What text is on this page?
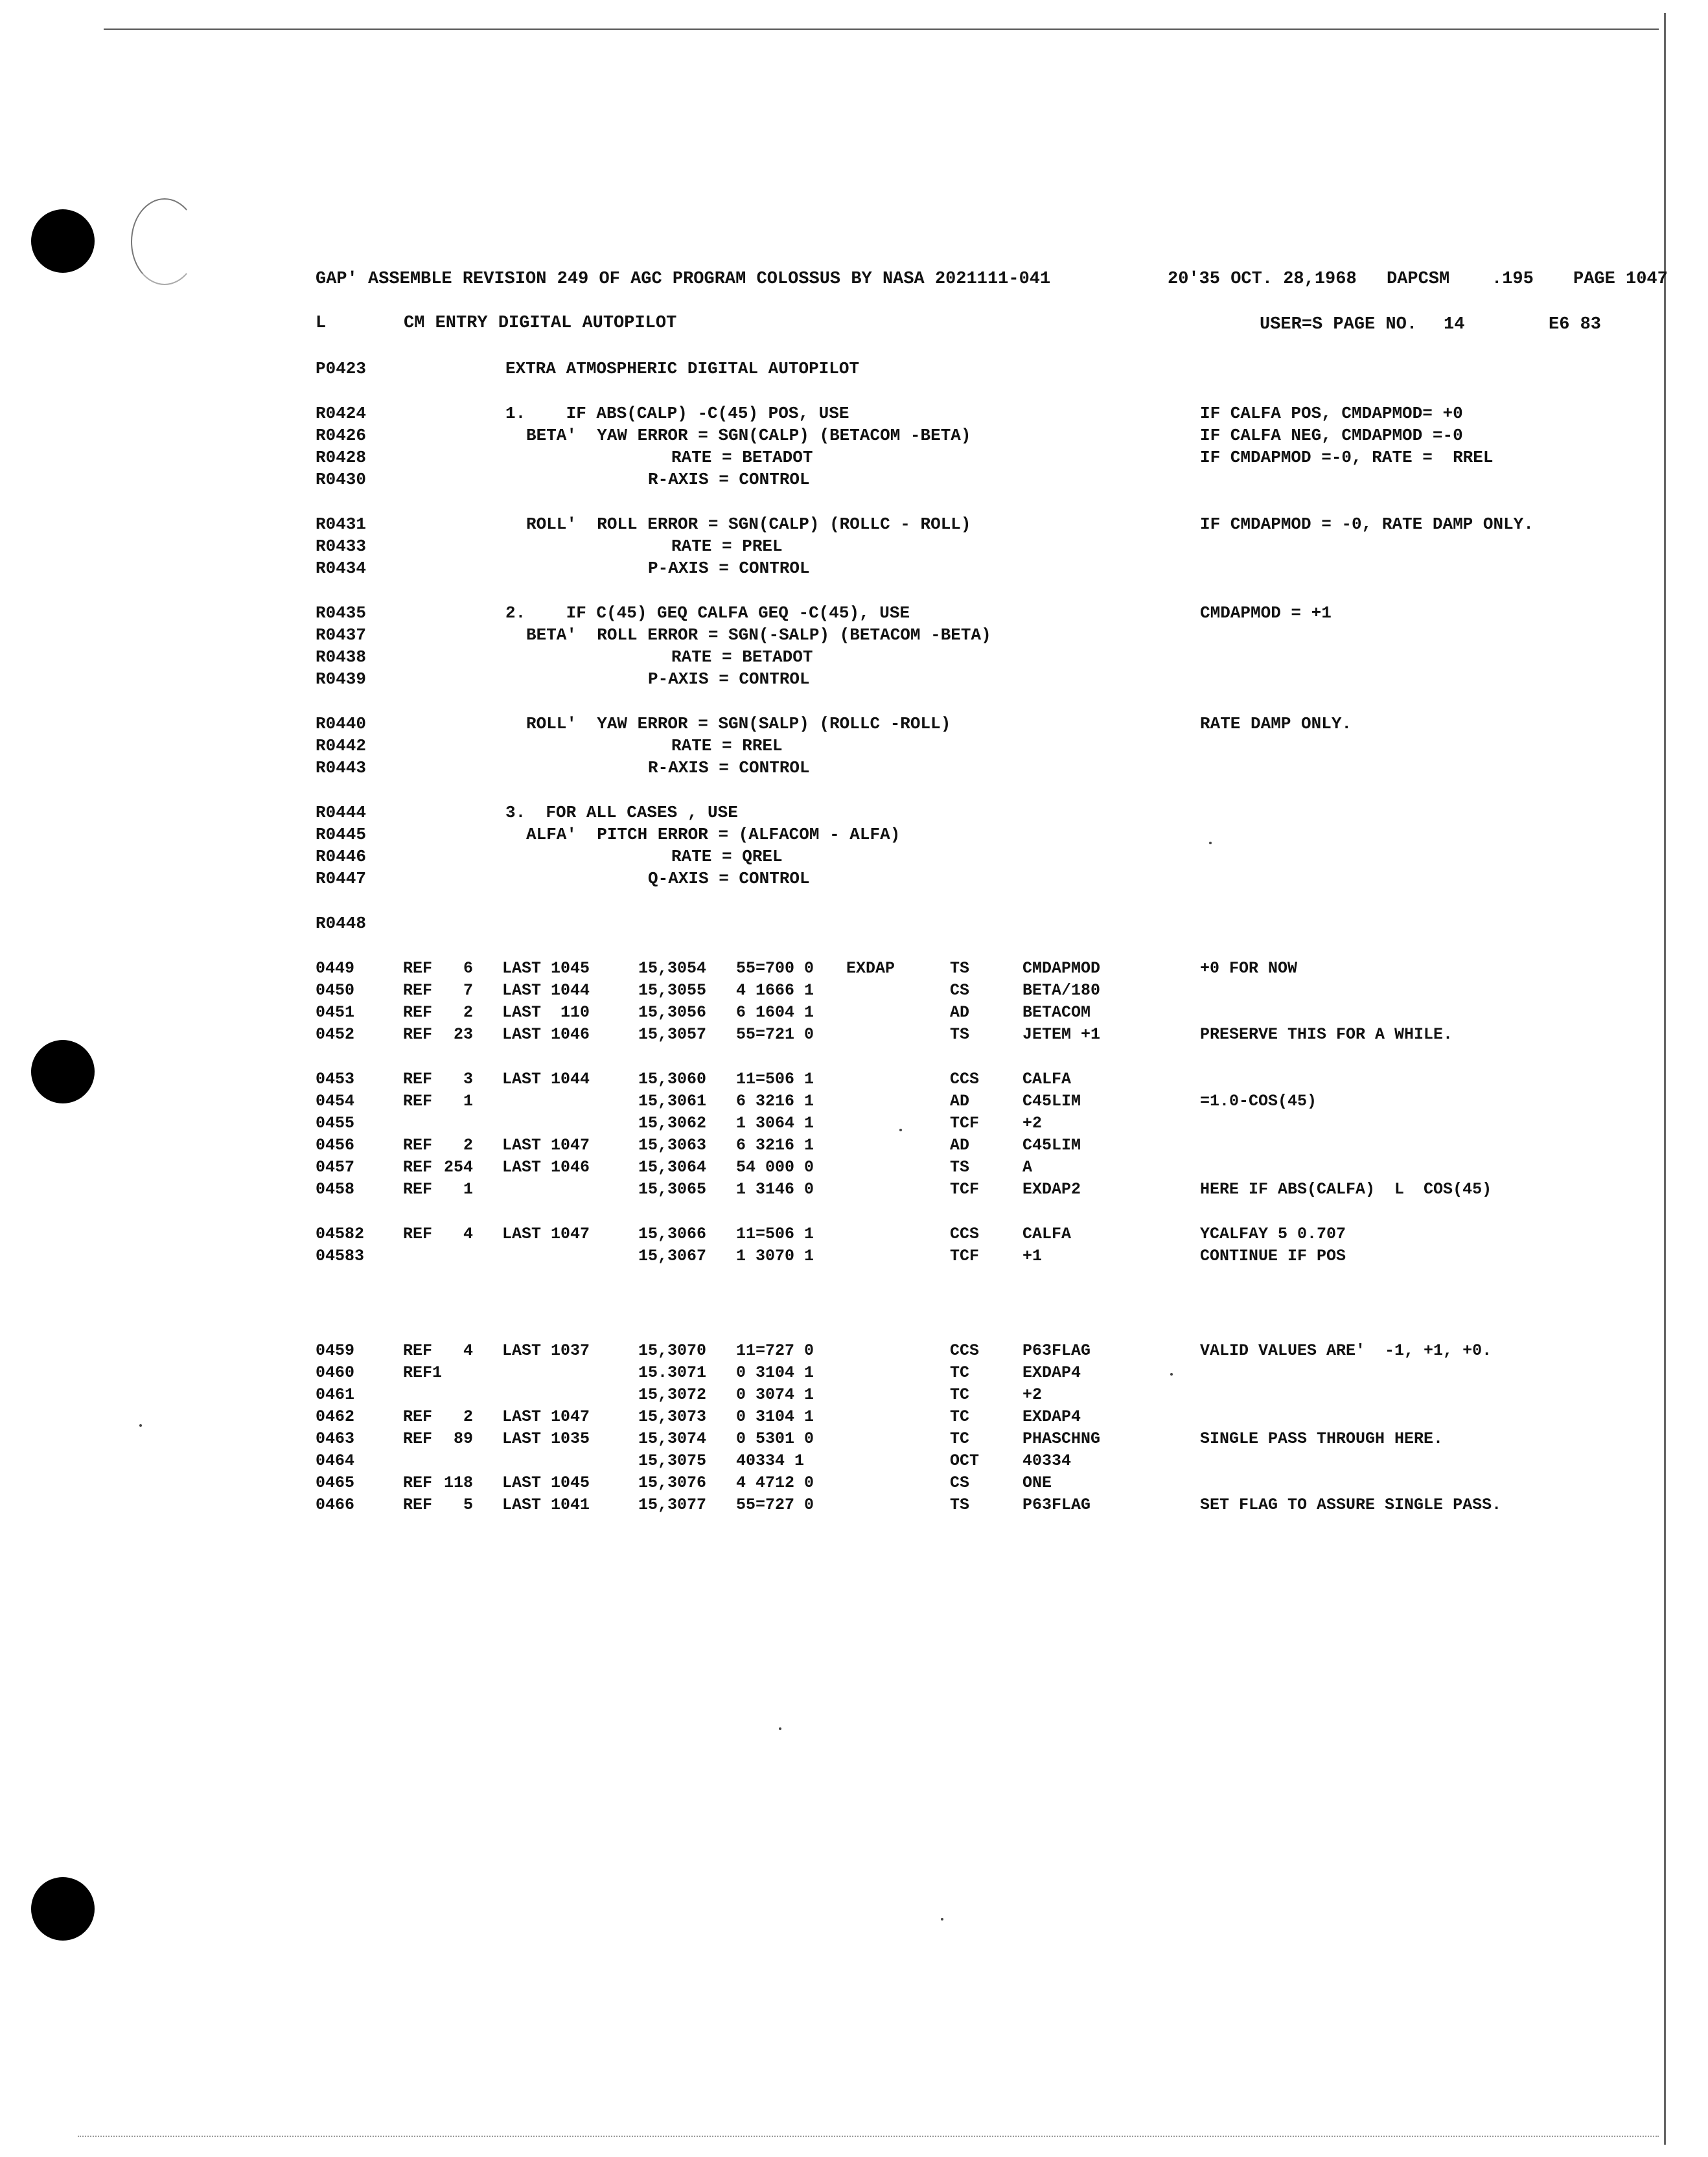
GAP' ASSEMBLE REVISION 249 OF AGC PROGRAM COLOSSUS BY NASA 2021111-041	20'35 OCT. 28,1968 DAPCSM .195 PAGE 1047
L	CM ENTRY DIGITAL AUTOPILOT	USER=S PAGE NO. 14	E6 83
P0423	EXTRA ATMOSPHERIC DIGITAL AUTOPILOT
R0424	1.    IF ABS(CALP) -C(45) POS, USE	IF CALFA POS, CMDAPMOD= +0
R0426	BETA'  YAW ERROR = SGN(CALP) (BETACOM -BETA)	IF CALFA NEG, CMDAPMOD =-0
R0428	RATE = BETADOT	IF CMDAPMOD =-0, RATE =  RREL
R0430	R-AXIS = CONTROL
R0431	ROLL'  ROLL ERROR = SGN(CALP) (ROLLC - ROLL)	IF CMDAPMOD = -0, RATE DAMP ONLY.
R0433	RATE = PREL
R0434	P-AXIS = CONTROL
R0435	2.    IF C(45) GEQ CALFA GEQ -C(45), USE	CMDAPMOD = +1
R0437	BETA'  ROLL ERROR = SGN(-SALP) (BETACOM -BETA)
R0438	RATE = BETADOT
R0439	P-AXIS = CONTROL
R0440	ROLL'  YAW ERROR = SGN(SALP) (ROLLC -ROLL)	RATE DAMP ONLY.
R0442	RATE = RREL
R0443	R-AXIS = CONTROL
R0444	3.  FOR ALL CASES , USE
R0445	ALFA'  PITCH ERROR = (ALFACOM - ALFA)
R0446	RATE = QREL
R0447	Q-AXIS = CONTROL
R0448
0449	REF	6 LAST 1045	15,3054 55=700 0 EXDAP	TS	CMDAPMOD	+0 FOR NOW
0450	REF	7 LAST 1044	15,3055 4 1666 1	CS	BETA/180
0451	REF	2 LAST  110	15,3056 6 1604 1	AD	BETACOM
0452	REF	23 LAST 1046	15,3057 55=721 0	TS	JETEM +1	PRESERVE THIS FOR A WHILE.
0453	REF	3 LAST 1044	15,3060 11=506 1	CCS	CALFA
0454	REF	1	15,3061 6 3216 1	AD	C45LIM	=1.0-COS(45)
0455	15,3062 1 3064 1	TCF	+2
0456	REF	2 LAST 1047	15,3063 6 3216 1	AD	C45LIM
0457	REF 254 LAST 1046	15,3064 54 000 0	TS	A
0458	REF	1	15,3065 1 3146 0	TCF	EXDAP2	HERE IF ABS(CALFA)  L  COS(45)
04582 REF	4 LAST 1047	15,3066 11=506 1	CCS	CALFA	YCALFAY 5 0.707
04583	15,3067 1 3070 1	TCF	+1	CONTINUE IF POS
0459	REF	4 LAST 1037	15,3070 11=727 0	CCS	P63FLAG	VALID VALUES ARE'  -1, +1, +0.
0460	REF1	15.3071 0 3104 1	TC	EXDAP4
0461	15,3072 0 3074 1	TC	+2
0462	REF	2 LAST 1047	15,3073 0 3104 1	TC	EXDAP4
0463	REF	89 LAST 1035	15,3074 0 5301 0	TC	PHASCHNG	SINGLE PASS THROUGH HERE.
0464	15,3075 40334 1	OCT	40334
0465	REF 118 LAST 1045	15,3076 4 4712 0	CS	ONE
0466	REF	5 LAST 1041	15,3077 55=727 0	TS	P63FLAG	SET FLAG TO ASSURE SINGLE PASS.
